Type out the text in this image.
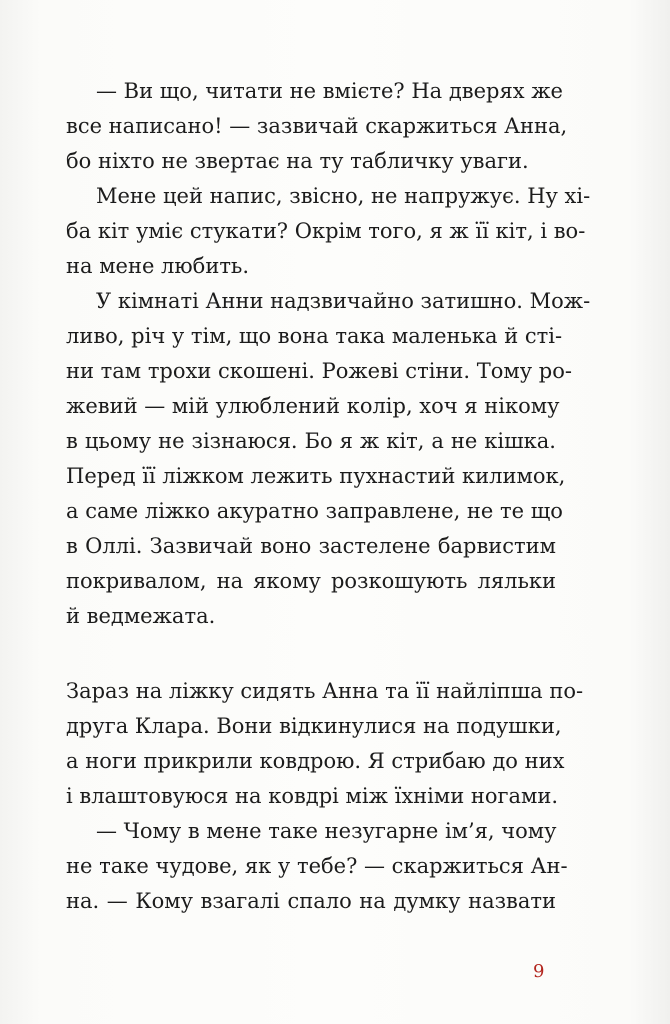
— Ви що, читати не вмієте? На дверях же
все написано! — зазвичай скаржиться Анна,
бо ніхто не звертає на ту табличку уваги.
Мене цей напис, звісно, не напружує. Ну хі-
ба кіт уміє стукати? Окрім того, я ж її кіт, і во-
на мене любить.
У кімнаті Анни надзвичайно затишно. Мож-
ливо, річ у тім, що вона така маленька й сті-
ни там трохи скошені. Рожеві стіни. Тому ро-
жевий — мій улюблений колір, хоч я нікому
в цьому не зізнаюся. Бо я ж кіт, а не кішка.
Перед її ліжком лежить пухнастий килимок,
а саме ліжко акуратно заправлене, не те що
в Оллі. Зазвичай воно застелене барвистим
покривалом, на якому розкошують ляльки
й ведмежата.
Зараз на ліжку сидять Анна та її найліпша по-
друга Клара. Вони відкинулися на подушки,
а ноги прикрили ковдрою. Я стрибаю до них
і влаштовуюся на ковдрі між їхніми ногами.
— Чому в мене таке незугарне ім’я, чому
не таке чудове, як у тебе? — скаржиться Ан-
на. — Кому взагалі спало на думку назвати
9
